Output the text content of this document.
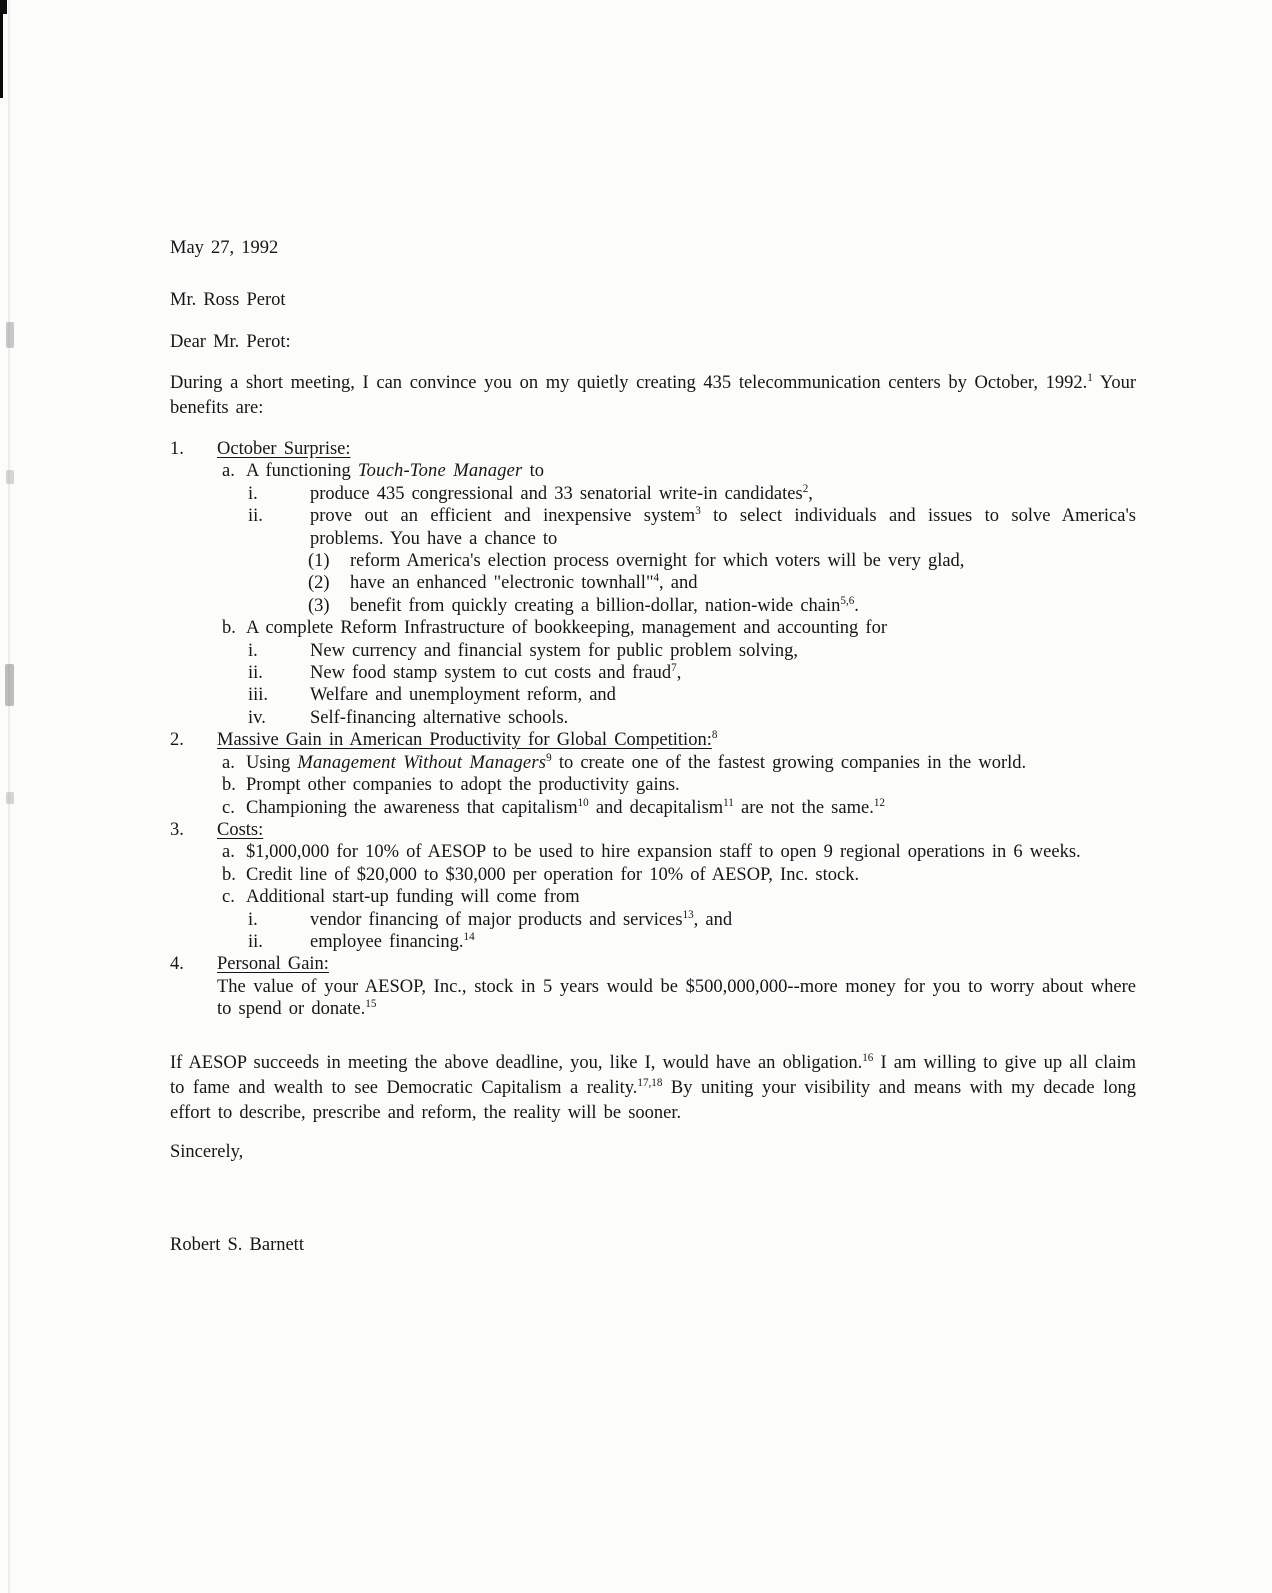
May 27, 1992
Mr. Ross Perot
Dear Mr. Perot:

During a short meeting, I can convince you on my quietly creating 435 telecommunication centers by October, 1992.$^1$ Your benefits are:

1.	October Surprise:
a. A functioning Touch-Tone Manager to
i.	produce 435 congressional and 33 senatorial write-in candidates$^2$,
ii.	prove out an efficient and inexpensive system$^3$ to select individuals and issues to solve America's problems. You have a chance to
(1)	reform America's election process overnight for which voters will be very glad,
(2)	have an enhanced "electronic townhall"$^4$, and
(3)	benefit from quickly creating a billion-dollar, nation-wide chain$^{5,6}$.
b. A complete Reform Infrastructure of bookkeeping, management and accounting for
i.	New currency and financial system for public problem solving,
ii.	New food stamp system to cut costs and fraud$^7$,
iii.	Welfare and unemployment reform, and
iv.	Self-financing alternative schools.
2.	Massive Gain in American Productivity for Global Competition:$^8$
a. Using Management Without Managers$^9$ to create one of the fastest growing companies in the world.
b. Prompt other companies to adopt the productivity gains.
c. Championing the awareness that capitalism$^{10}$ and decapitalism$^{11}$ are not the same.$^{12}$
3.	Costs:
a. $1,000,000 for 10% of AESOP to be used to hire expansion staff to open 9 regional operations in 6 weeks.
b. Credit line of $20,000 to $30,000 per operation for 10% of AESOP, Inc. stock.
c. Additional start-up funding will come from
i.	vendor financing of major products and services$^{13}$, and
ii.	employee financing.$^{14}$
4.	Personal Gain:
The value of your AESOP, Inc., stock in 5 years would be $500,000,000--more money for you to worry about where to spend or donate.$^{15}$

If AESOP succeeds in meeting the above deadline, you, like I, would have an obligation.$^{16}$ I am willing to give up all claim to fame and wealth to see Democratic Capitalism a reality.$^{17,18}$ By uniting your visibility and means with my decade long effort to describe, prescribe and reform, the reality will be sooner.

Sincerely,
Robert S. Barnett
